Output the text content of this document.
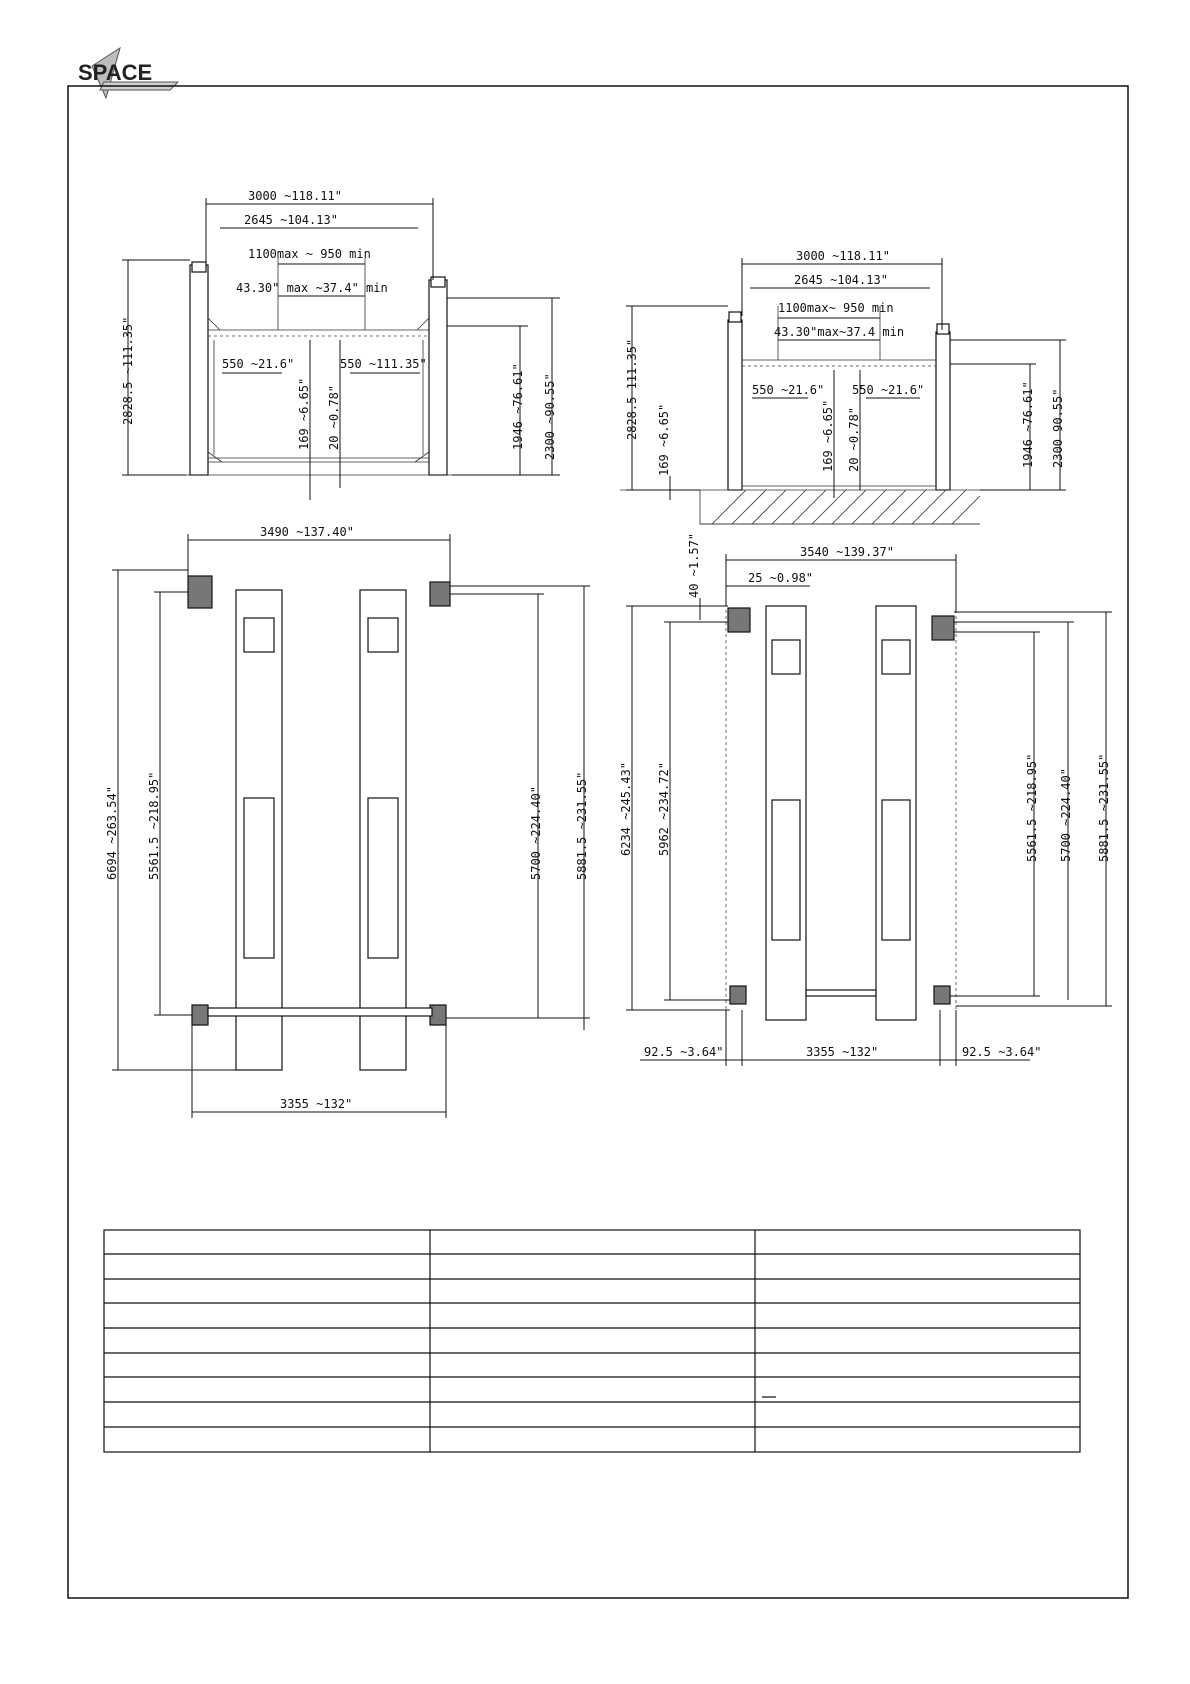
SPACE
3000 ~118.11"
2645 ~104.13"
1100max ~ 950 min
43.30" max ~37.4" min
2828.5 ~111.35"	550 ~21.6"	550 ~111.35"
169 ~6.65" 20 ~0.78"	1946 ~76.61" 2300 ~90.55"
3000 ~118.11"
2645 ~104.13"
1100max~ 950 min
43.30"max~37.4 min
2828.5 111.35" 169 ~6.65"
550 ~21.6" 550 ~21.6"
169 ~6.65" 20 ~0.78"	1946 ~76.61" 2300 90.55"
3490 ~137.40"
6694 ~263.54" 5561.5 ~218.95"	5700 ~224.40"	5881.5 ~231.55"
3355 ~132"
3540 ~139.37"
25 ~0.98"
40 ~1.57"
6234 ~245.43" 5962 ~234.72"	5561.5 ~218.95" 5700 ~224.40" 5881.5 ~231.55"
92.5 ~3.64"	3355 ~132"	92.5 ~3.64"
